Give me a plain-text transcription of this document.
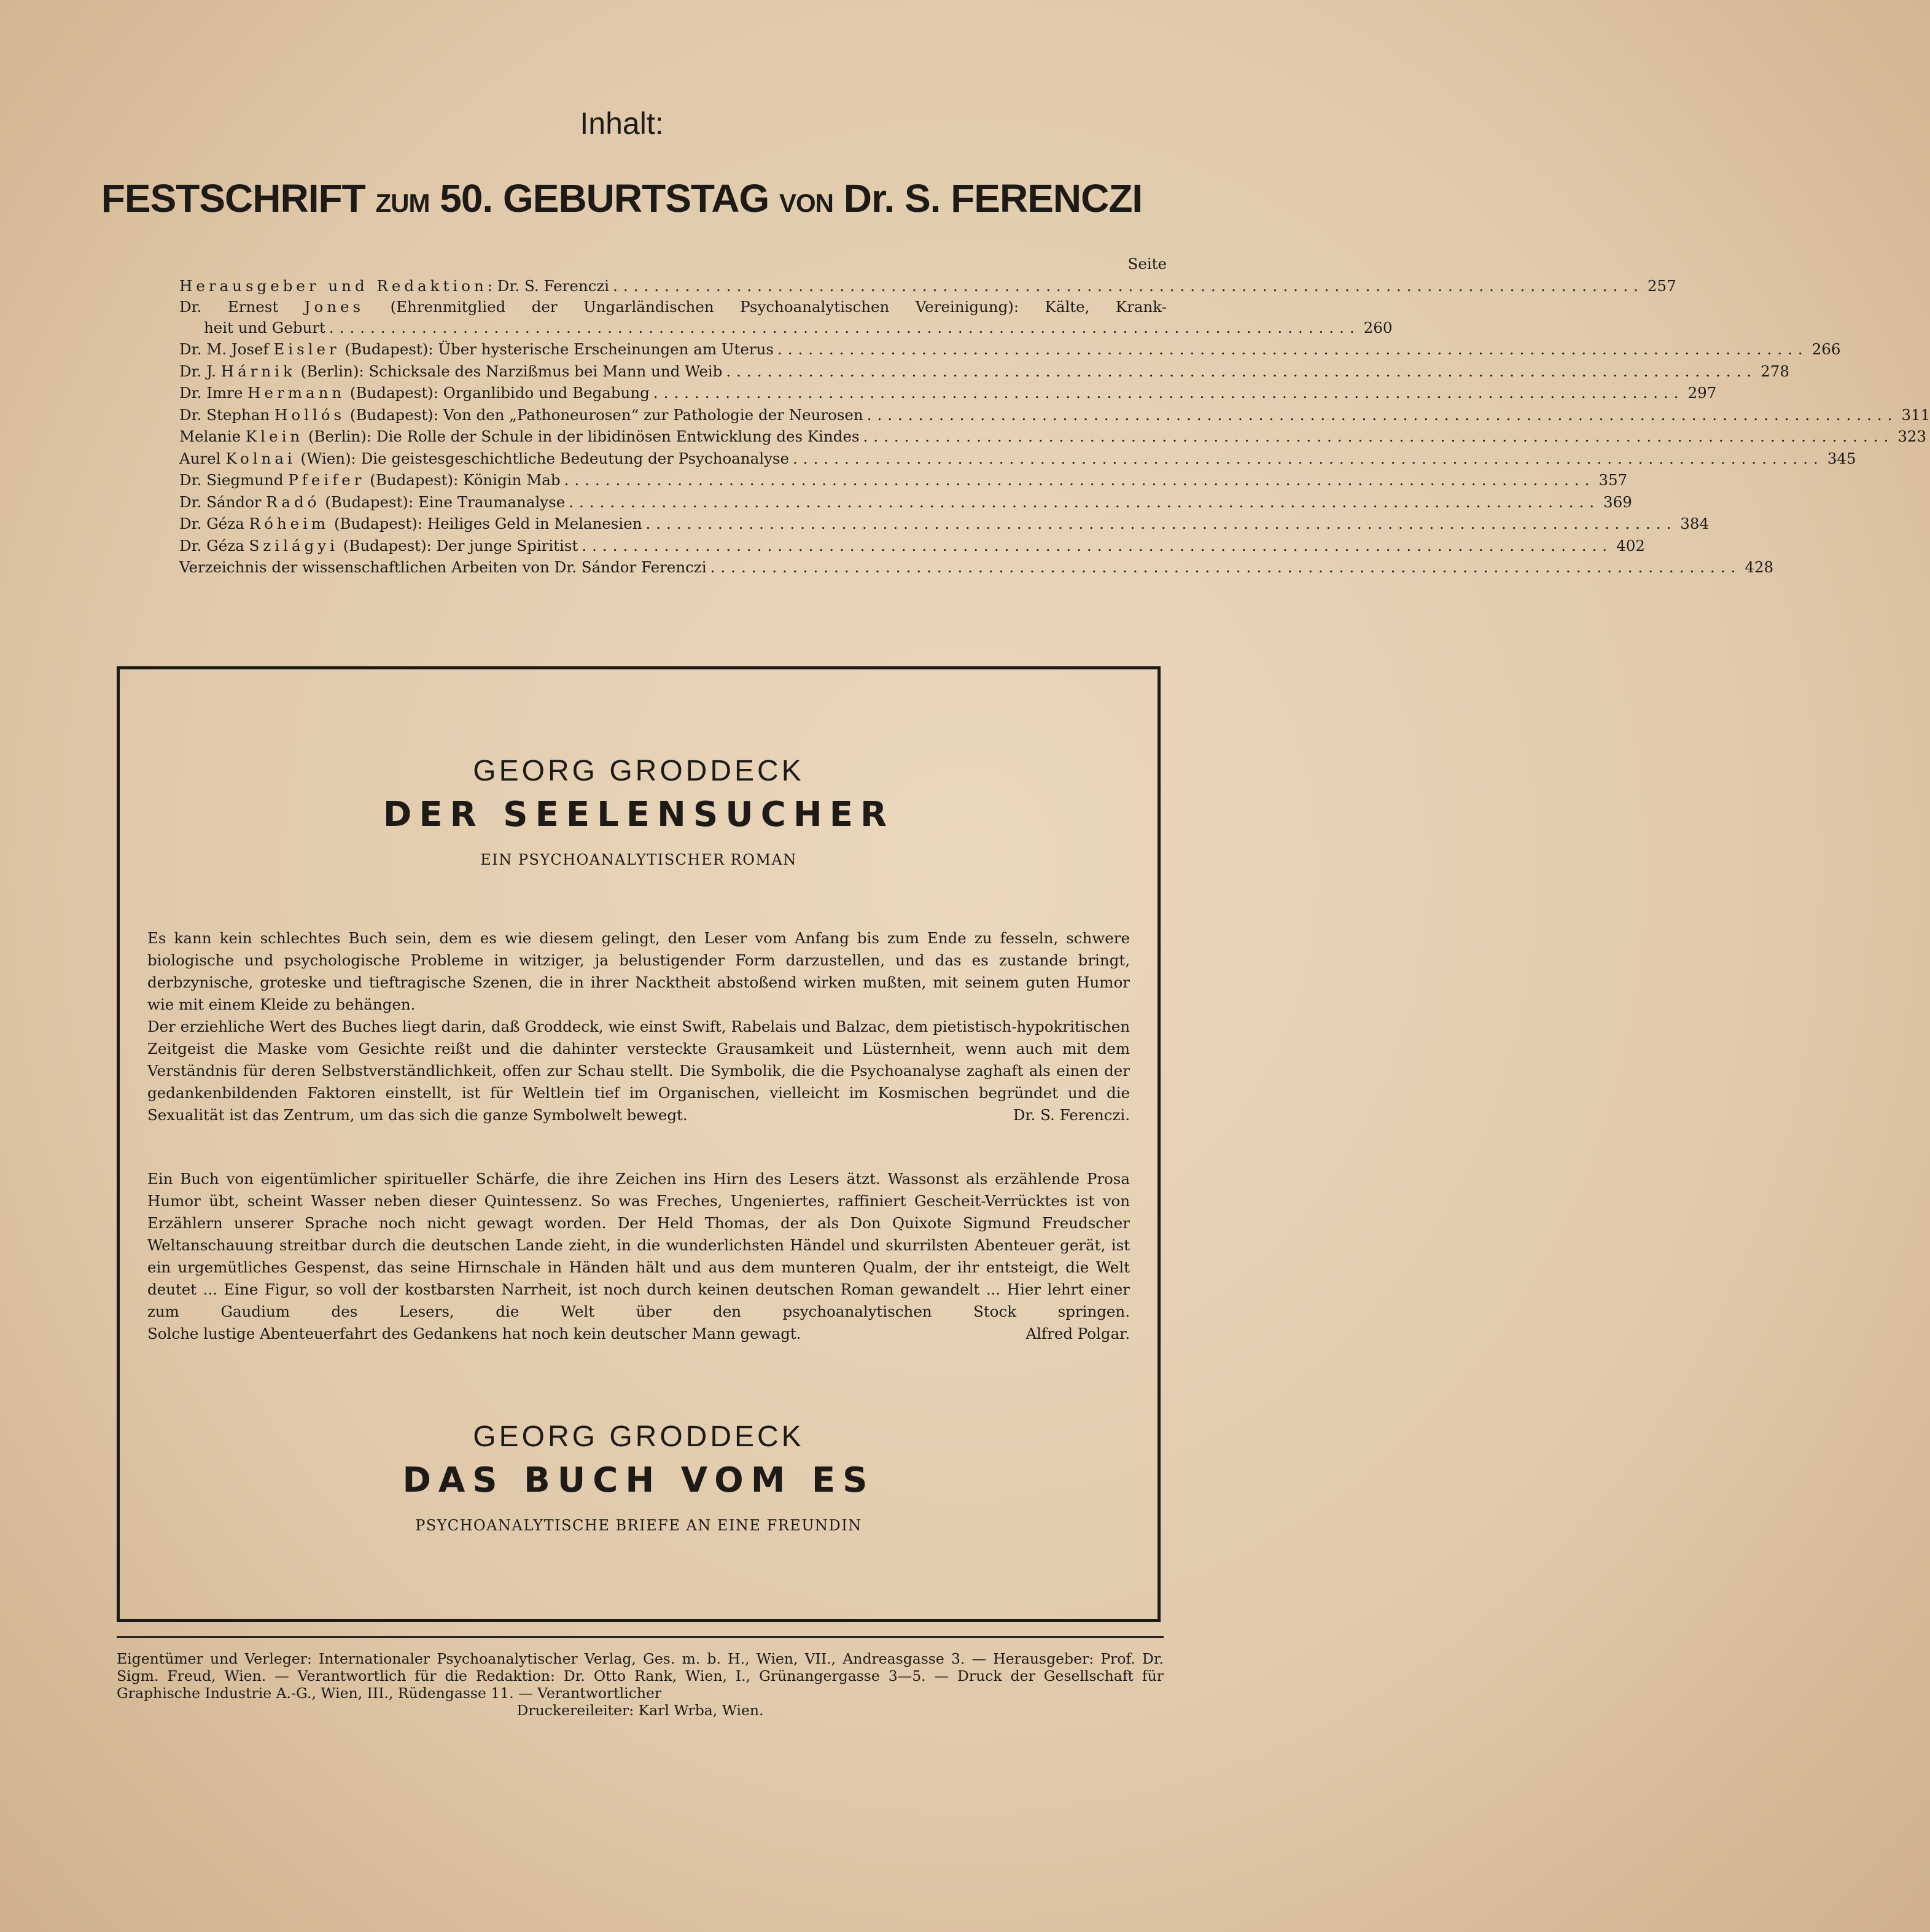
Inhalt:
FESTSCHRIFT ZUM 50. GEBURTSTAG VON Dr. S. FERENCZI
Seite
Herausgeber und Redaktion: Dr. S. Ferenczi .................................................................................................... 257
Dr. Ernest Jones (Ehrenmitglied der Ungarländischen Psychoanalytischen Vereinigung): Kälte, Krank-
heit und Geburt .................................................................................................... 260
Dr. M. Josef Eisler (Budapest): Über hysterische Erscheinungen am Uterus .................................................................................................... 266
Dr. J. Hárnik (Berlin): Schicksale des Narzißmus bei Mann und Weib .................................................................................................... 278
Dr. Imre Hermann (Budapest): Organlibido und Begabung .................................................................................................... 297
Dr. Stephan Hollós (Budapest): Von den „Pathoneurosen“ zur Pathologie der Neurosen .................................................................................................... 311
Melanie Klein (Berlin): Die Rolle der Schule in der libidinösen Entwicklung des Kindes .................................................................................................... 323
Aurel Kolnai (Wien): Die geistesgeschichtliche Bedeutung der Psychoanalyse .................................................................................................... 345
Dr. Siegmund Pfeifer (Budapest): Königin Mab .................................................................................................... 357
Dr. Sándor Radó (Budapest): Eine Traumanalyse .................................................................................................... 369
Dr. Géza Róheim (Budapest): Heiliges Geld in Melanesien .................................................................................................... 384
Dr. Géza Szilágyi (Budapest): Der junge Spiritist .................................................................................................... 402
Verzeichnis der wissenschaftlichen Arbeiten von Dr. Sándor Ferenczi .................................................................................................... 428
GEORG GRODDECK
DER SEELENSUCHER
EIN PSYCHOANALYTISCHER ROMAN
Es kann kein schlechtes Buch sein, dem es wie diesem gelingt, den Leser vom Anfang bis zum Ende zu fesseln, schwere biologische und psychologische Probleme in witziger, ja belustigender Form darzustellen, und das es zustande bringt, derbzynische, groteske und tieftragische Szenen, die in ihrer Nacktheit abstoßend wirken mußten, mit seinem guten Humor wie mit einem Kleide zu behängen.
Der erziehliche Wert des Buches liegt darin, daß Groddeck, wie einst Swift, Rabelais und Balzac, dem pietistisch-hypokritischen Zeitgeist die Maske vom Gesichte reißt und die dahinter versteckte Grausamkeit und Lüsternheit, wenn auch mit dem Verständnis für deren Selbstverständlichkeit, offen zur Schau stellt. Die Symbolik, die die Psychoanalyse zaghaft als einen der gedankenbildenden Faktoren einstellt, ist für Weltlein tief im Organischen, vielleicht im Kosmischen begründet und die Sexualität ist das Zentrum, um das sich die ganze Symbolwelt bewegt.	Dr. S. Ferenczi.
Ein Buch von eigentümlicher spiritueller Schärfe, die ihre Zeichen ins Hirn des Lesers ätzt. Wassonst als erzählende Prosa Humor übt, scheint Wasser neben dieser Quintessenz. So was Freches, Ungeniertes, raffiniert Gescheit-Verrücktes ist von Erzählern unserer Sprache noch nicht gewagt worden. Der Held Thomas, der als Don Quixote Sigmund Freudscher Weltanschauung streitbar durch die deutschen Lande zieht, in die wunderlichsten Händel und skurrilsten Abenteuer gerät, ist ein urgemütliches Gespenst, das seine Hirnschale in Händen hält und aus dem munteren Qualm, der ihr entsteigt, die Welt deutet ... Eine Figur, so voll der kostbarsten Narrheit, ist noch durch keinen deutschen Roman gewandelt ... Hier lehrt einer zum Gaudium des Lesers, die Welt über den psychoanalytischen Stock springen.
Solche lustige Abenteuerfahrt des Gedankens hat noch kein deutscher Mann gewagt.	Alfred Polgar.
GEORG GRODDECK
DAS BUCH VOM ES
PSYCHOANALYTISCHE BRIEFE AN EINE FREUNDIN
Eigentümer und Verleger: Internationaler Psychoanalytischer Verlag, Ges. m. b. H., Wien, VII., Andreasgasse 3. — Herausgeber: Prof. Dr. Sigm. Freud, Wien. — Verantwortlich für die Redaktion: Dr. Otto Rank, Wien, I., Grünangergasse 3—5. — Druck der Gesellschaft für Graphische Industrie A.-G., Wien, III., Rüdengasse 11. — Verantwortlicher
Druckereileiter: Karl Wrba, Wien.
